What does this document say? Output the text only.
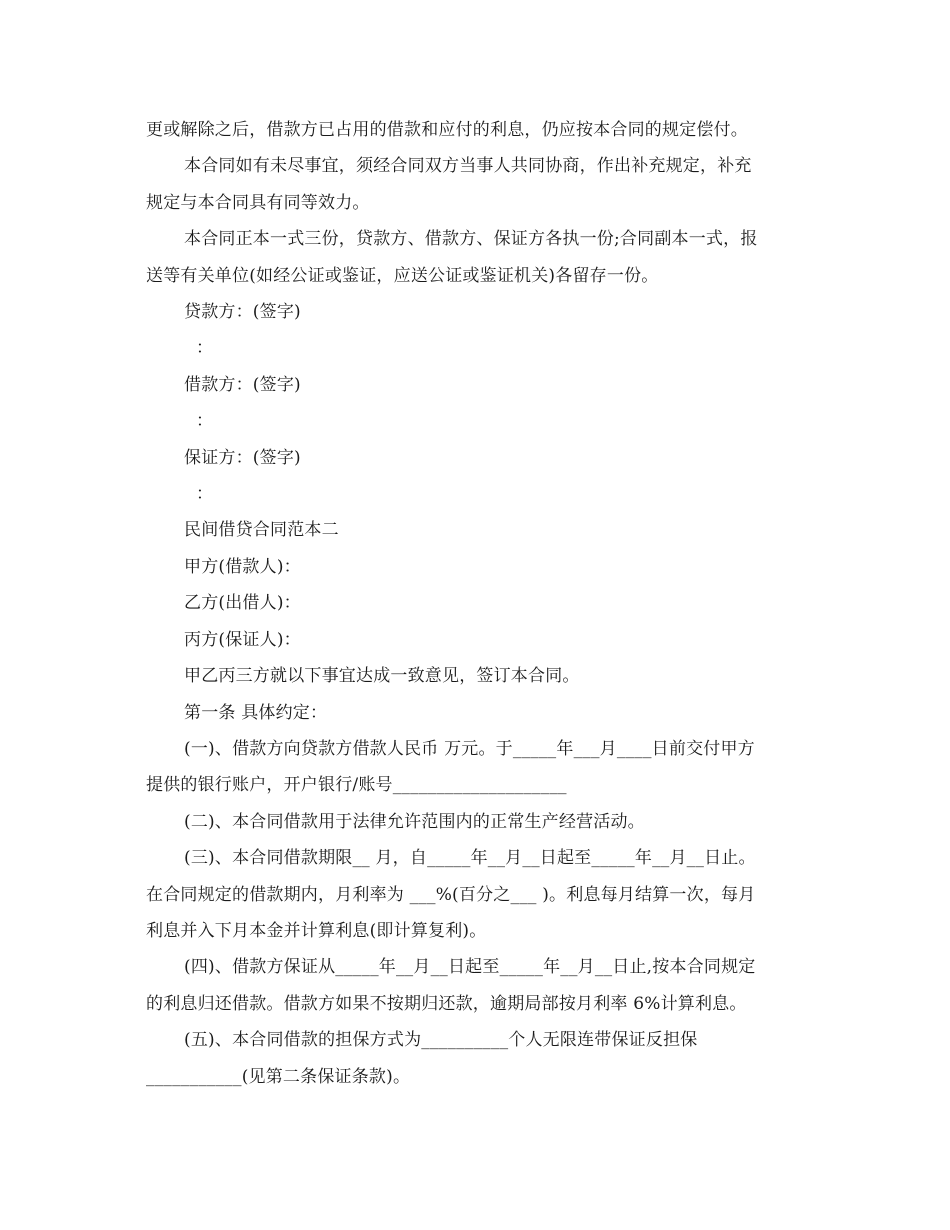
更或解除之后，借款方已占用的借款和应付的利息，仍应按本合同的规定偿付。

本合同如有未尽事宜，须经合同双方当事人共同协商，作出补充规定，补充

规定与本合同具有同等效力。

本合同正本一式三份，贷款方、借款方、保证方各执一份;合同副本一式，报

送等有关单位(如经公证或鉴证，应送公证或鉴证机关)各留存一份。

贷款方：(签字)

：

借款方：(签字)

：

保证方：(签字)

：

民间借贷合同范本二

甲方(借款人)：

乙方(出借人)：

丙方(保证人)：

甲乙丙三方就以下事宜达成一致意见，签订本合同。

第一条 具体约定：

(一)、借款方向贷款方借款人民币 万元。于_____年___月____日前交付甲方

提供的银行账户，开户银行/账号____________________

(二)、本合同借款用于法律允许范围内的正常生产经营活动。

(三)、本合同借款期限__ 月，自_____年__月__日起至_____年__月__日止。

在合同规定的借款期内，月利率为 ___%(百分之___ )。利息每月结算一次，每月

利息并入下月本金并计算利息(即计算复利)。

(四)、借款方保证从_____年__月__日起至_____年__月__日止,按本合同规定

的利息归还借款。借款方如果不按期归还款，逾期局部按月利率 6%计算利息。

(五)、本合同借款的担保方式为__________个人无限连带保证反担保

___________(见第二条保证条款)。
